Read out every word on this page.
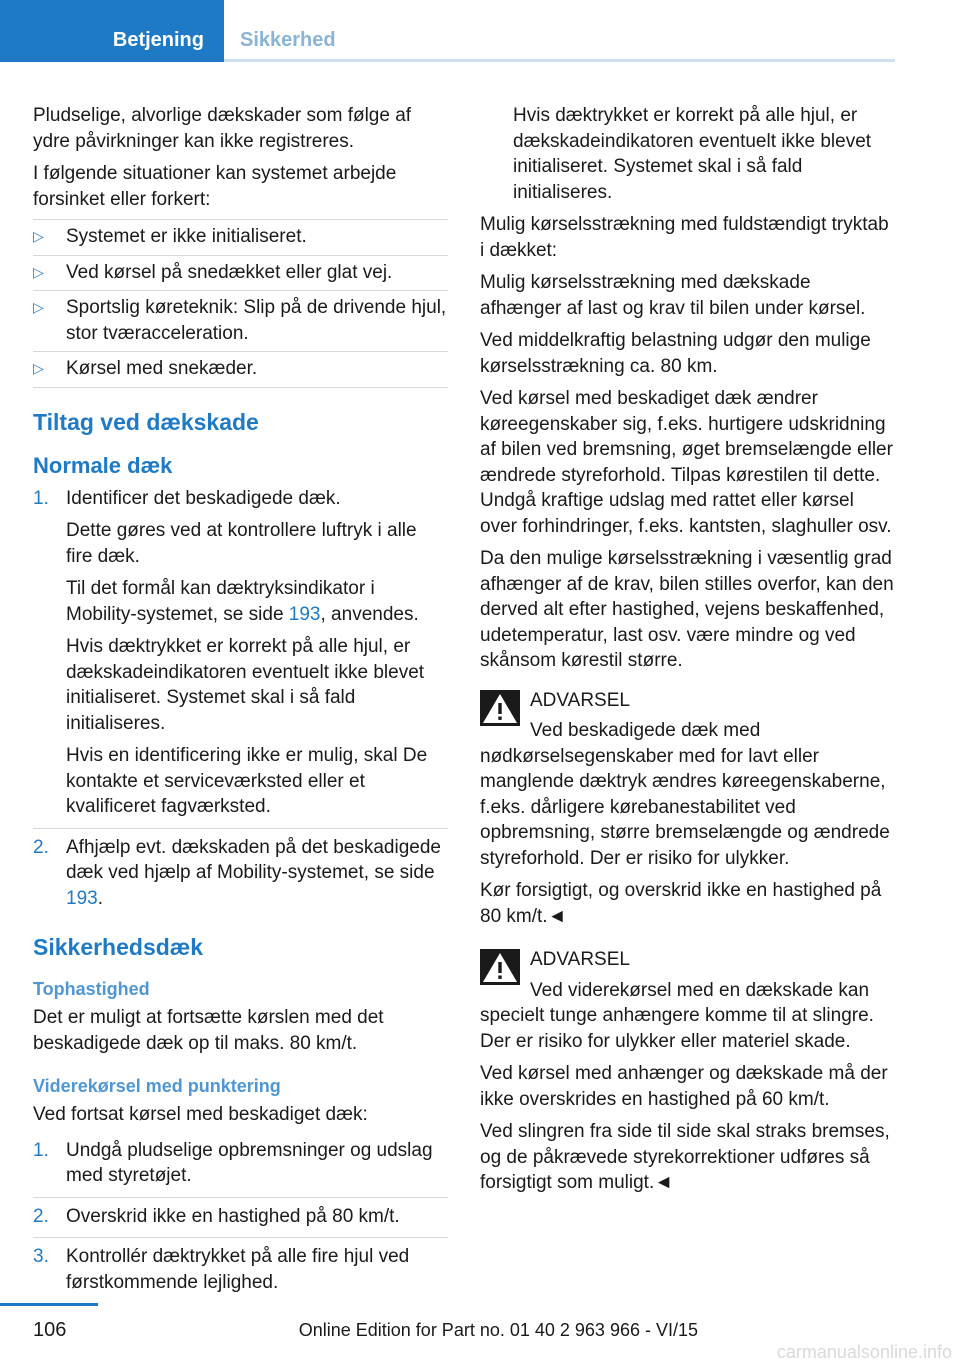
Betjening Sikkerhed

Pludselige, alvorlige dækskader som følge af ydre påvirkninger kan ikke registreres.

I følgende situationer kan systemet arbejde forsinket eller forkert:

▷ Systemet er ikke initialiseret.
▷ Ved kørsel på snedækket eller glat vej.
▷ Sportslig køreteknik: Slip på de drivende hjul, stor tværacceleration.
▷ Kørsel med snekæder.
Tiltag ved dækskade
Normale dæk
1. Identificer det beskadigede dæk.

Dette gøres ved at kontrollere luftryk i alle fire dæk.

Til det formål kan dæktryksindikator i Mobility-systemet, se side 193, anvendes.

Hvis dæktrykket er korrekt på alle hjul, er dækskadeindikatoren eventuelt ikke blevet initialiseret. Systemet skal i så fald initialiseres.

Hvis en identificering ikke er mulig, skal De kontakte et serviceværksted eller et kvalificeret fagværksted.

2. Afhjælp evt. dækskaden på det beskadigede dæk ved hjælp af Mobility-systemet, se side 193.

Sikkerhedsdæk
Tophastighed

Det er muligt at fortsætte kørslen med det beskadigede dæk op til maks. 80 km/t.

Viderekørsel med punktering

Ved fortsat kørsel med beskadiget dæk:

1. Undgå pludselige opbremsninger og udslag med styretøjet.
2. Overskrid ikke en hastighed på 80 km/t.
3. Kontrollér dæktrykket på alle fire hjul ved førstkommende lejlighed.

Hvis dæktrykket er korrekt på alle hjul, er dækskadeindikatoren eventuelt ikke blevet initialiseret. Systemet skal i så fald initialiseres.

Mulig kørselsstrækning med fuldstændigt tryktab i dækket:

Mulig kørselsstrækning med dækskade afhænger af last og krav til bilen under kørsel.

Ved middelkraftig belastning udgør den mulige kørselsstrækning ca. 80 km.

Ved kørsel med beskadiget dæk ændrer køreegenskaber sig, f.eks. hurtigere udskridning af bilen ved bremsning, øget bremselængde eller ændrede styreforhold. Tilpas kørestilen til dette. Undgå kraftige udslag med rattet eller kørsel over forhindringer, f.eks. kantsten, slaghuller osv.

Da den mulige kørselsstrækning i væsentlig grad afhænger af de krav, bilen stilles overfor, kan den derved alt efter hastighed, vejens beskaffenhed, udetemperatur, last osv. være mindre og ved skånsom kørestil større.

ADVARSEL

Ved beskadigede dæk med nødkørselsegenskaber med for lavt eller manglende dæktryk ændres køreegenskaberne, f.eks. dårligere kørebanestabilitet ved opbremsning, større bremselængde og ændrede styreforhold. Der er risiko for ulykker.

Kør forsigtigt, og overskrid ikke en hastighed på 80 km/t.◄

ADVARSEL

Ved viderekørsel med en dækskade kan specielt tunge anhængere komme til at slingre. Der er risiko for ulykker eller materiel skade.

Ved kørsel med anhænger og dækskade må der ikke overskrides en hastighed på 60 km/t.

Ved slingren fra side til side skal straks bremses, og de påkrævede styrekorrektioner udføres så forsigtigt som muligt.◄

106	Online Edition for Part no. 01 40 2 963 966 - VI/15
carmanualsonline.info
